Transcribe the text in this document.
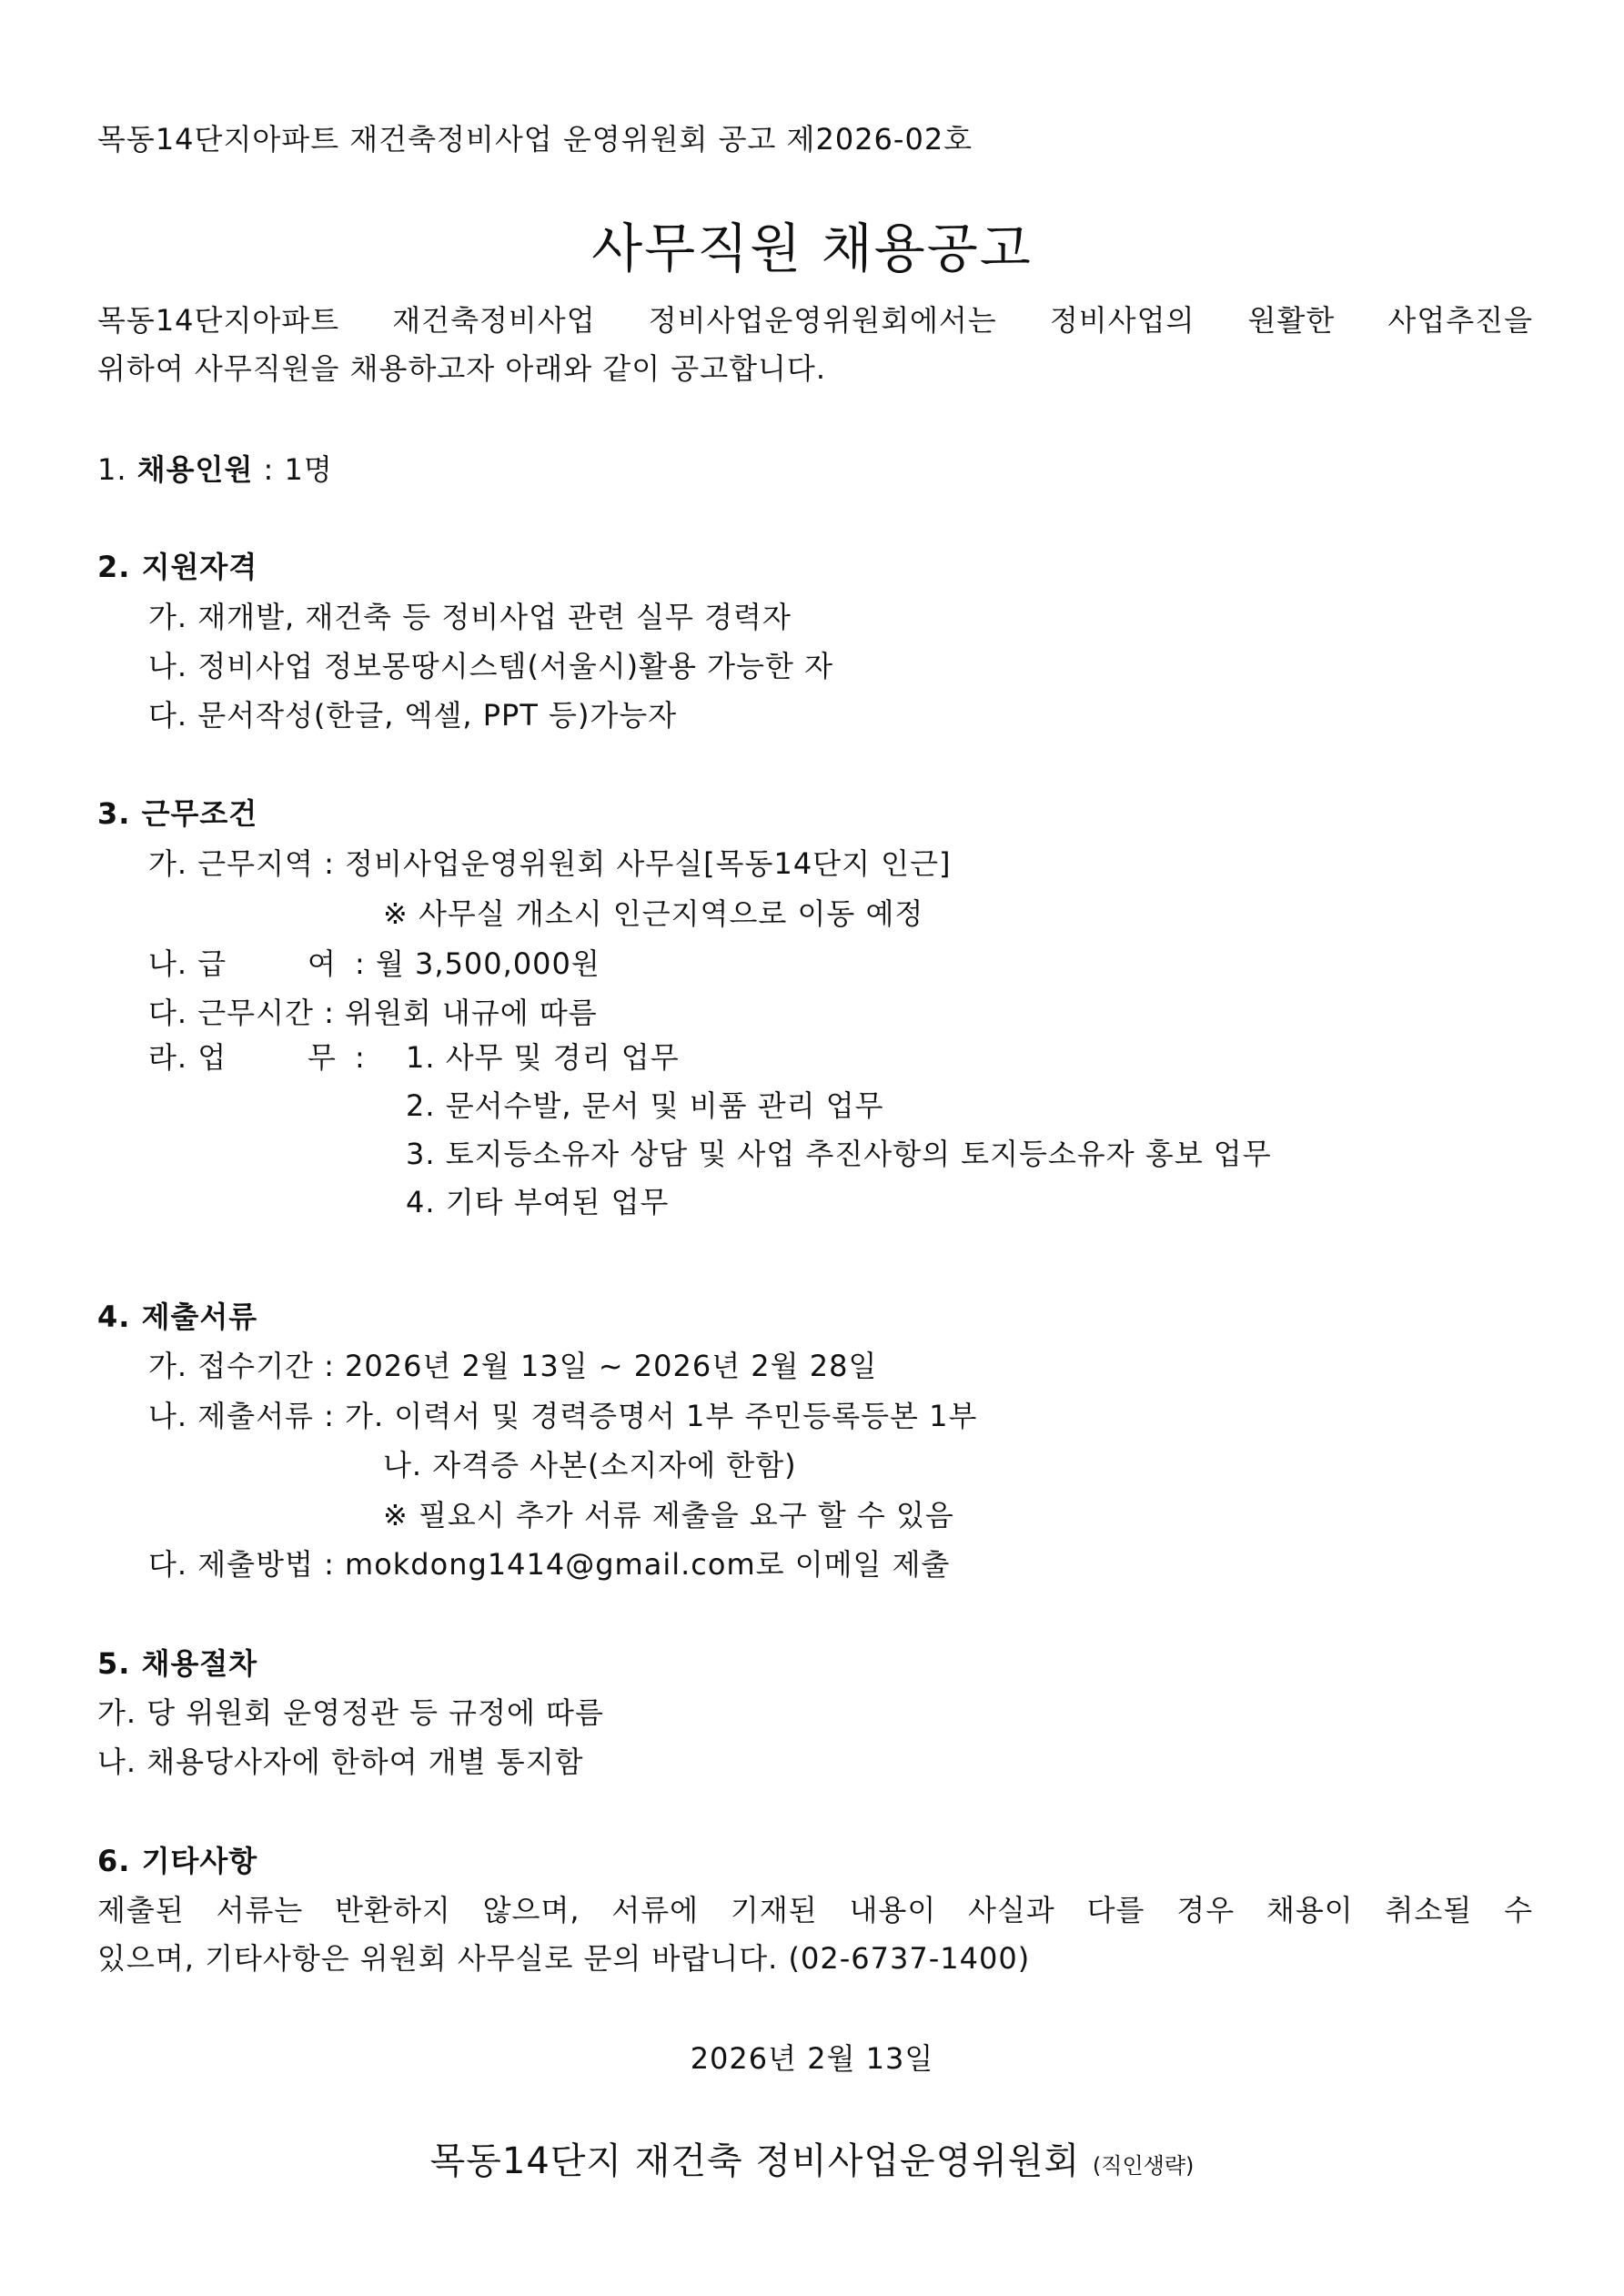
목동14단지아파트 재건축정비사업 운영위원회 공고 제2026-02호
사무직원 채용공고
목동14단지아파트 재건축정비사업 정비사업운영위원회에서는 정비사업의 원활한 사업추진을
위하여 사무직원을 채용하고자 아래와 같이 공고합니다.
1. 채용인원 : 1명
2. 지원자격
가. 재개발, 재건축 등 정비사업 관련 실무 경력자
나. 정비사업 정보몽땅시스템(서울시)활용 가능한 자
다. 문서작성(한글, 엑셀, PPT 등)가능자
3. 근무조건
가. 근무지역 : 정비사업운영위원회 사무실[목동14단지 인근]
※ 사무실 개소시 인근지역으로 이동 예정
나. 급	여 : 월 3,500,000원
다. 근무시간 : 위원회 내규에 따름
라. 업	무 : 1. 사무 및 경리 업무
2. 문서수발, 문서 및 비품 관리 업무
3. 토지등소유자 상담 및 사업 추진사항의 토지등소유자 홍보 업무
4. 기타 부여된 업무
4. 제출서류
가. 접수기간 : 2026년 2월 13일 ~ 2026년 2월 28일
나. 제출서류 : 가. 이력서 및 경력증명서 1부 주민등록등본 1부
나. 자격증 사본(소지자에 한함)
※ 필요시 추가 서류 제출을 요구 할 수 있음
다. 제출방법 : mokdong1414@gmail.com로 이메일 제출
5. 채용절차
가. 당 위원회 운영정관 등 규정에 따름
나. 채용당사자에 한하여 개별 통지함
6. 기타사항
제출된 서류는 반환하지 않으며, 서류에 기재된 내용이 사실과 다를 경우 채용이 취소될 수
있으며, 기타사항은 위원회 사무실로 문의 바랍니다. (02-6737-1400)
2026년 2월 13일
목동14단지 재건축 정비사업운영위원회 (직인생략)
